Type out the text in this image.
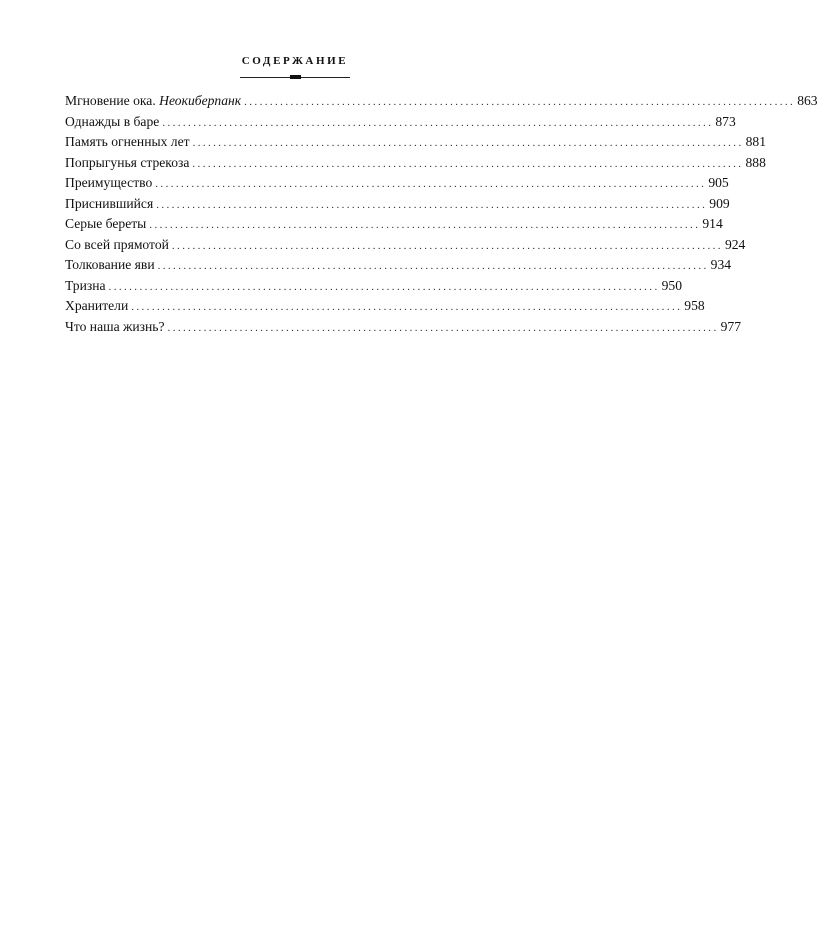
СОДЕРЖАНИЕ
Мгновение ока. Неокиберпанк ........................................................................................................... 863
Однажды в баре ........................................................................................................... 873
Память огненных лет ........................................................................................................... 881
Попрыгунья стрекоза ........................................................................................................... 888
Преимущество ........................................................................................................... 905
Приснившийся ........................................................................................................... 909
Серые береты ........................................................................................................... 914
Со всей прямотой ........................................................................................................... 924
Толкование яви ........................................................................................................... 934
Тризна ........................................................................................................... 950
Хранители ........................................................................................................... 958
Что наша жизнь? ........................................................................................................... 977
